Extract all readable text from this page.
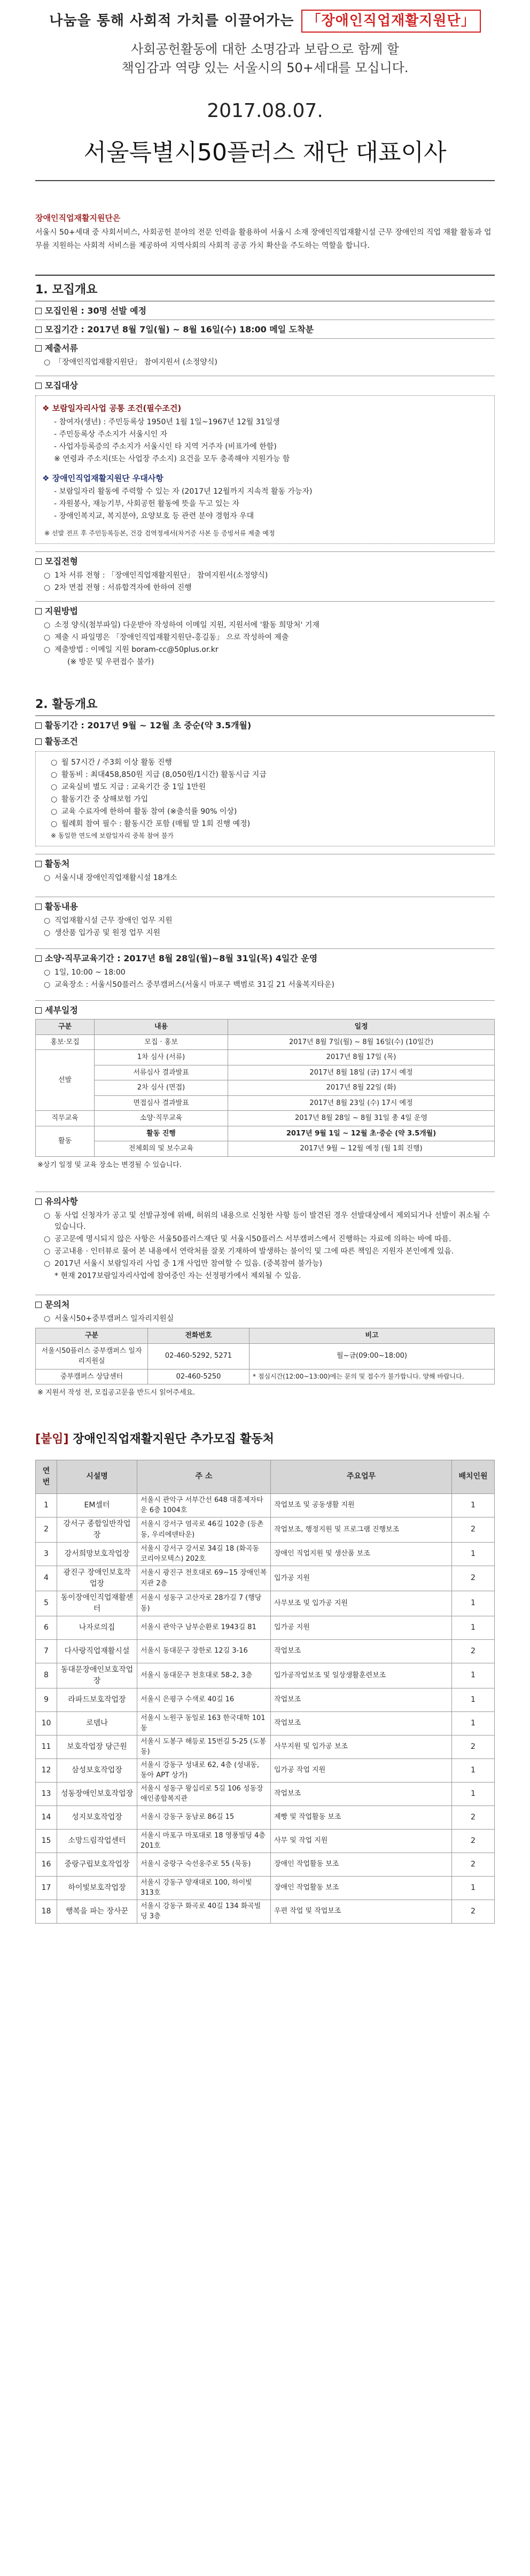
나눔을 통해 사회적 가치를 이끌어가는 「장애인직업재활지원단」
사회공헌활동에 대한 소명감과 보람으로 함께 할
책임감과 역량 있는 서울시의 50+세대를 모십니다.
2017.08.07.
서울특별시50플러스 재단 대표이사
장애인직업재활지원단은
서울시 50+세대 중 사회서비스, 사회공헌 분야의 전문 인력을 활용하여 서울시 소재 장애인직업재활시설 근무 장애인의 직업 재활 활동과 업무를 지원하는 사회적 서비스를 제공하여 지역사회의 사회적 공공 가치 확산을 주도하는 역할을 합니다.
1. 모집개요
모집인원 : 30명 선발 예정
모집기간 : 2017년 8월 7일(월) ~ 8월 16일(수) 18:00 메일 도착분
제출서류
○ 「장애인직업재활지원단」 참여지원서 (소정양식)
모집대상
❖ 보람일자리사업 공통 조건(필수조건)
- 참여자(생년) : 주민등록상 1950년 1월 1일~1967년 12월 31일생
- 주민등록상 주소지가 서울시인 자
- 사업자등록증의 주소지가 서울시인 타 지역 거주자 (비표가에 한함)
※ 연령과 주소지(또는 사업장 주소지) 요건을 모두 충족해야 지원가능 함
❖ 장애인직업재활지원단 우대사항
- 보람일자리 활동에 주력할 수 있는 자 (2017년 12월까지 지속적 활동 가능자)
- 자원봉사, 재능기부, 사회공헌 활동에 뜻을 두고 있는 자
- 장애인복지교, 복지분야, 요양보호 등 관련 분야 경험자 우대
※ 선발 전프 후 주민등록등본, 건강 검역정세서(차거증 사본 등 증빙서류 제출 예정
모집전형
○ 1차 서류 전형 : 「장애인직업재활지원단」 참여지원서(소정양식)
○ 2차 면접 전형 : 서류합격자에 한하여 진행
지원방법
○ 소정 양식(첨부파일) 다운받아 작성하여 이메일 지원, 지원서에 '활동 희망처' 기재
○ 제출 시 파일명은 「장애인직업재활지원단-홍길동」 으로 작성하여 제출
○ 제출방법 : 이메일 지원 boram-cc@50plus.or.kr
(※ 방문 및 우편접수 불가)
2. 활동개요
활동기간 : 2017년 9월 ~ 12월 초 중순(약 3.5개월)
활동조건
○ 월 57시간 / 주3회 이상 활동 진행
○ 활동비 : 최대458,850원 지급 (8,050원/1시간) 활동시급 지급
○ 교육실비 별도 지급 : 교육기간 중 1일 1만원
○ 활동기간 중 상해보험 가입
○ 교육 수료자에 한하여 활동 참여 (※출석률 90% 이상)
○ 월례회 참여 필수 : 활동시간 포함 (매월 말 1회 진행 예정)
※ 동일한 연도에 보람일자리 중복 참여 불가
활동처
○ 서울시내 장애인직업재활시설 18개소
활동내용
○ 직업재활시설 근무 장애인 업무 지원
○ 생산품 입가공 및 원정 업무 지원
소양·직무교육기간 : 2017년 8월 28일(월)~8월 31일(목) 4일간 운영
○ 1일, 10:00 ~ 18:00
○ 교육장소 : 서울시50플러스 중부캠퍼스(서울시 마포구 백범로 31길 21 서울복지타운)
세부일정
구분	내용	일정
홍보·모집	모집 · 홍보	2017년 8월 7일(월) ~ 8월 16일(수) (10일간)
선발	1차 심사 (서류)	2017년 8월 17일 (목)
	서류심사 결과발표	2017년 8월 18일 (금) 17시 예정
	2차 심사 (면접)	2017년 8월 22일 (화)
	면접심사 결과발표	2017년 8월 23일 (수) 17시 예정
직무교육	소양·직무교육	2017년 8월 28일 ~ 8월 31일 총 4일 운영
활동	활동 진행	2017년 9월 1일 ~ 12월 초·중순 (약 3.5개월)
	전체회의 및 보수교육	2017년 9월 ~ 12월 예정 (월 1회 진행)
※상기 일정 및 교육 장소는 변경될 수 있습니다.
유의사항
○ 동 사업 신청자가 공고 및 선발규정에 위배, 허위의 내용으로 신청한 사항 등이 발견된 경우 선발대상에서 제외되거나 선발이 취소될 수 있습니다.
○ 공고문에 명시되지 않은 사항은 서울50플러스재단 및 서울시50플러스 서부캠퍼스에서 진행하는 자료에 의하는 바에 따름.
○ 공고내용 · 인터뷰로 물어 본 내용에서 연락처를 잘못 기재하여 발생하는 불이익 및 그에 따른 책임은 지원자 본인에게 있음.
○ 2017년 서울시 보람일자리 사업 중 1개 사업만 참여할 수 있음. (중복참여 불가능)
* 현재 2017보람일자리사업에 참여중인 자는 선정평가에서 제외될 수 있음.
문의처
○ 서울시50+중부캠퍼스 일자리지원실
구분	전화번호	비고
서울시50플러스 중부캠퍼스 일자리지원실	02-460-5292, 5271	월~금(09:00~18:00)
중부캠퍼스 상담센터	02-460-5250	* 점심시간(12:00~13:00)에는 문의 및 접수가 불가합니다. 양해 바랍니다.
※ 지원서 작성 전, 모집공고문을 반드시 읽어주세요.
[붙임] 장애인직업재활지원단 추가모집 활동처
연번	시설명	주 소	주요업무	배치인원
1	EM셀터	서울시 관악구 서부간선 648 대흥제자타운 6층 1004호	작업보조 및 공동생활 지원	1
2	강서구 종합일반작업장	서울시 강서구 염곡로 46길 102층 (등촌동, 우리에덴타운)	작업보조, 행정지원 및 프로그램 진행보조	2
3	강서희망보호작업장	서울시 강서구 강서로 34길 18 (화곡동 코리아모텍스) 202호	장애인 직업지원 및 생산품 보조	1
4	광진구 장애인보호작업장	서울시 광진구 천호대로 69~15 장애인복지관 2층	입가공 지원	2
5	동이장애인직업재활센터	서울시 성동구 고산자로 28가길 7 (행당동)	사무보조 및 입가공 지원	1
6	나자로의집	서울시 관악구 남부순환로 1943길 81	입가공 지원	1
7	다사랑직업재활시설	서울시 동대문구 장한로 12길 3-16	작업보조	2
8	동대문장애인보호작업장	서울시 동대문구 천호대로 58-2, 3층	입가공작업보조 및 일상생활훈련보조	1
9	라파드보호작업장	서울시 은평구 수색로 40길 16	작업보조	1
10	로뎀나	서울시 노원구 동일로 163 한국대학 101동	작업보조	1
11	보호작업장 당근원	서울시 도봉구 해등로 15번길 5-25 (도봉동)	사무지원 및 입가공 보조	2
12	삼성보호작업장	서울시 강동구 성내로 62, 4층 (성내동, 동아 APT 상가)	입가공 작업 지원	1
13	성동장애인보호작업장	서울시 성동구 왕십리로 5길 106 성동장애인종합복지관	작업보조	1
14	성지보호작업장	서울시 강동구 동남로 86길 15	제빵 및 작업활동 보조	2
15	소망드림작업센터	서울시 마포구 마포대로 18 영풍빌딩 4층 201호	사무 및 작업 지원	2
16	중랑구립보호작업장	서울시 중랑구 숙선옹주로 55 (묵동)	장애인 작업활동 보조	2
17	하이빛보호작업장	서울시 강동구 양재대로 100, 하이빛 313호	장애인 작업활동 보조	1
18	행복을 파는 장사꾼	서울시 강동구 화곡로 40길 134 화곡빌딩 3층	우편 작업 및 작업보조	2
